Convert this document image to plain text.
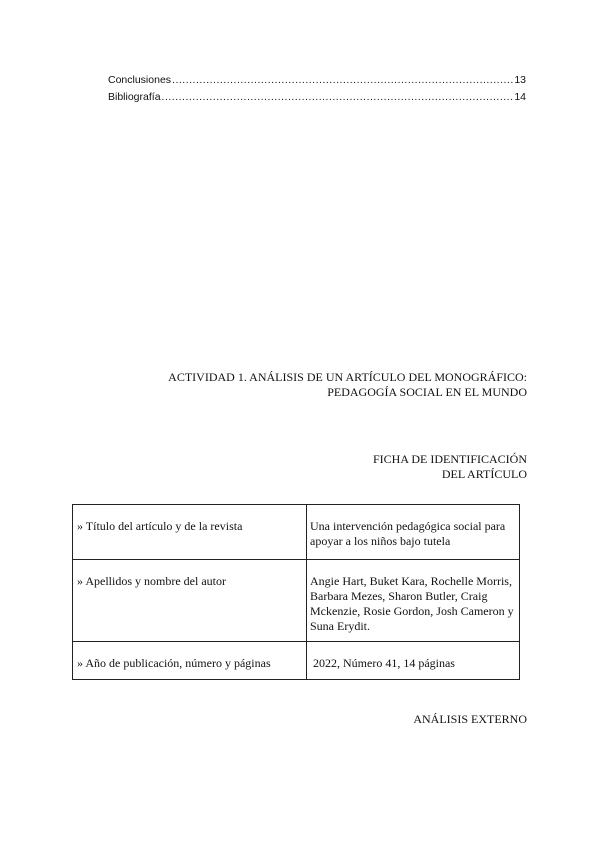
Conclusiones .....	13
Bibliografía .....	14
ACTIVIDAD 1. ANÁLISIS DE UN ARTÍCULO DEL MONOGRÁFICO:
PEDAGOGÍA SOCIAL EN EL MUNDO
FICHA DE IDENTIFICACIÓN
DEL ARTÍCULO
» Título del artículo y de la revista	Una intervención pedagógica social para apoyar a los niños bajo tutela
» Apellidos y nombre del autor	Angie Hart, Buket Kara, Rochelle Morris, Barbara Mezes, Sharon Butler, Craig Mckenzie, Rosie Gordon, Josh Cameron y Suna Erydit.
» Año de publicación, número y páginas	2022, Número 41, 14 páginas
ANÁLISIS EXTERNO
